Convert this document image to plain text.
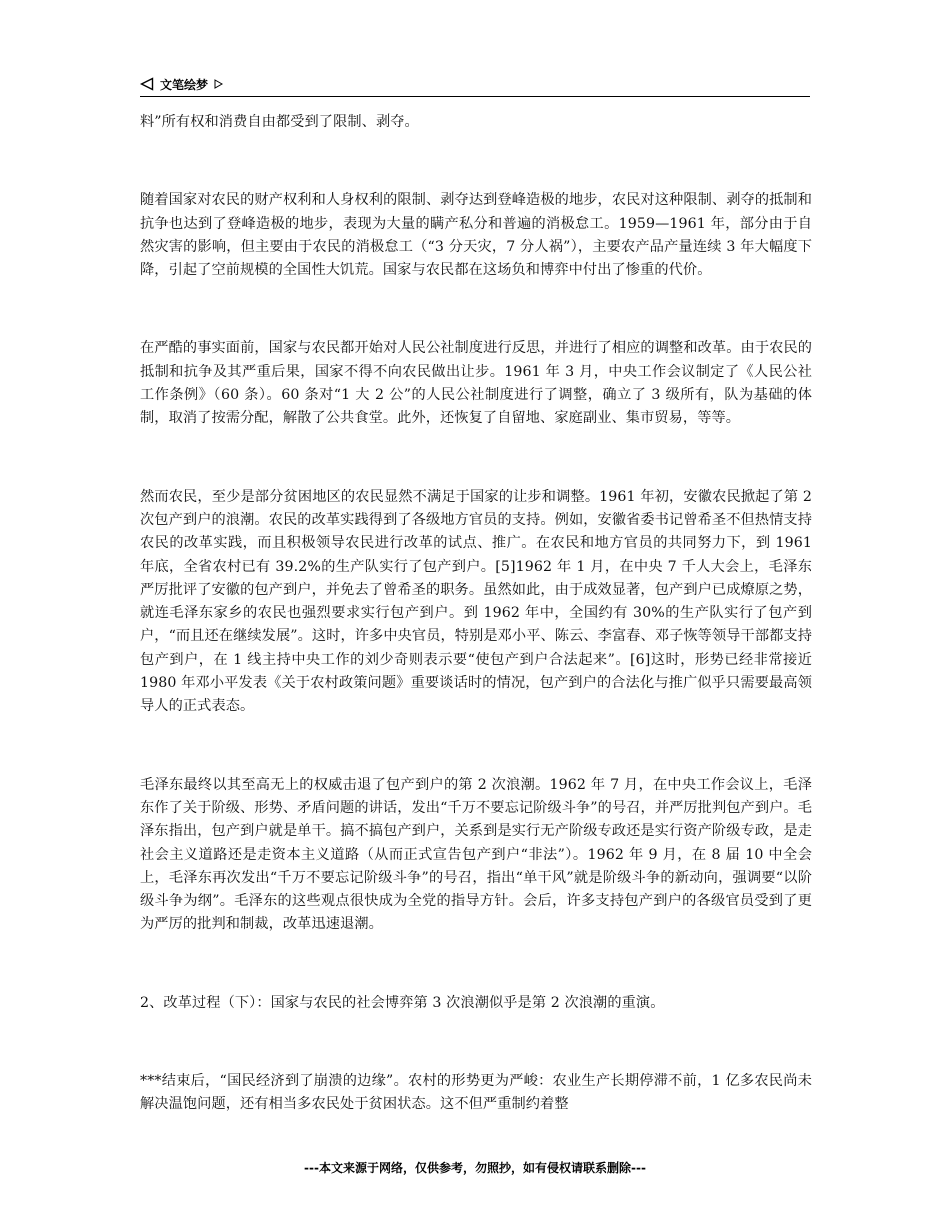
文笔绘梦

料”所有权和消费自由都受到了限制、剥夺。

随着国家对农民的财产权利和人身权利的限制、剥夺达到登峰造极的地步，农民对这种限制、剥夺的抵制和抗争也达到了登峰造极的地步，表现为大量的瞒产私分和普遍的消极怠工。1959—1961 年，部分由于自然灾害的影响，但主要由于农民的消极怠工（“3 分天灾，7 分人祸”），主要农产品产量连续 3 年大幅度下降，引起了空前规模的全国性大饥荒。国家与农民都在这场负和博弈中付出了惨重的代价。

在严酷的事实面前，国家与农民都开始对人民公社制度进行反思，并进行了相应的调整和改革。由于农民的抵制和抗争及其严重后果，国家不得不向农民做出让步。1961 年 3 月，中央工作会议制定了《人民公社工作条例》（60 条）。60 条对“1 大 2 公”的人民公社制度进行了调整，确立了 3 级所有，队为基础的体制，取消了按需分配，解散了公共食堂。此外，还恢复了自留地、家庭副业、集市贸易，等等。

然而农民，至少是部分贫困地区的农民显然不满足于国家的让步和调整。1961 年初，安徽农民掀起了第 2 次包产到户的浪潮。农民的改革实践得到了各级地方官员的支持。例如，安徽省委书记曾希圣不但热情支持农民的改革实践，而且积极领导农民进行改革的试点、推广。在农民和地方官员的共同努力下，到 1961 年底，全省农村已有 39.2%的生产队实行了包产到户。[5]1962 年 1 月，在中央 7 千人大会上，毛泽东严厉批评了安徽的包产到户，并免去了曾希圣的职务。虽然如此，由于成效显著，包产到户已成燎原之势，就连毛泽东家乡的农民也强烈要求实行包产到户。到 1962 年中，全国约有 30%的生产队实行了包产到户，“而且还在继续发展”。这时，许多中央官员，特别是邓小平、陈云、李富春、邓子恢等领导干部都支持包产到户，在 1 线主持中央工作的刘少奇则表示要“使包产到户合法起来”。[6]这时，形势已经非常接近 1980 年邓小平发表《关于农村政策问题》重要谈话时的情况，包产到户的合法化与推广似乎只需要最高领导人的正式表态。

毛泽东最终以其至高无上的权威击退了包产到户的第 2 次浪潮。1962 年 7 月，在中央工作会议上，毛泽东作了关于阶级、形势、矛盾问题的讲话，发出“千万不要忘记阶级斗争”的号召，并严厉批判包产到户。毛泽东指出，包产到户就是单干。搞不搞包产到户，关系到是实行无产阶级专政还是实行资产阶级专政，是走社会主义道路还是走资本主义道路（从而正式宣告包产到户“非法”）。1962 年 9 月，在 8 届 10 中全会上，毛泽东再次发出“千万不要忘记阶级斗争”的号召，指出“单干风”就是阶级斗争的新动向，强调要“以阶级斗争为纲”。毛泽东的这些观点很快成为全党的指导方针。会后，许多支持包产到户的各级官员受到了更为严厉的批判和制裁，改革迅速退潮。

2、改革过程（下）：国家与农民的社会博弈第 3 次浪潮似乎是第 2 次浪潮的重演。

***结束后，“国民经济到了崩溃的边缘”。农村的形势更为严峻：农业生产长期停滞不前，1 亿多农民尚未解决温饱问题，还有相当多农民处于贫困状态。这不但严重制约着整

---本文来源于网络，仅供参考，勿照抄，如有侵权请联系删除---
